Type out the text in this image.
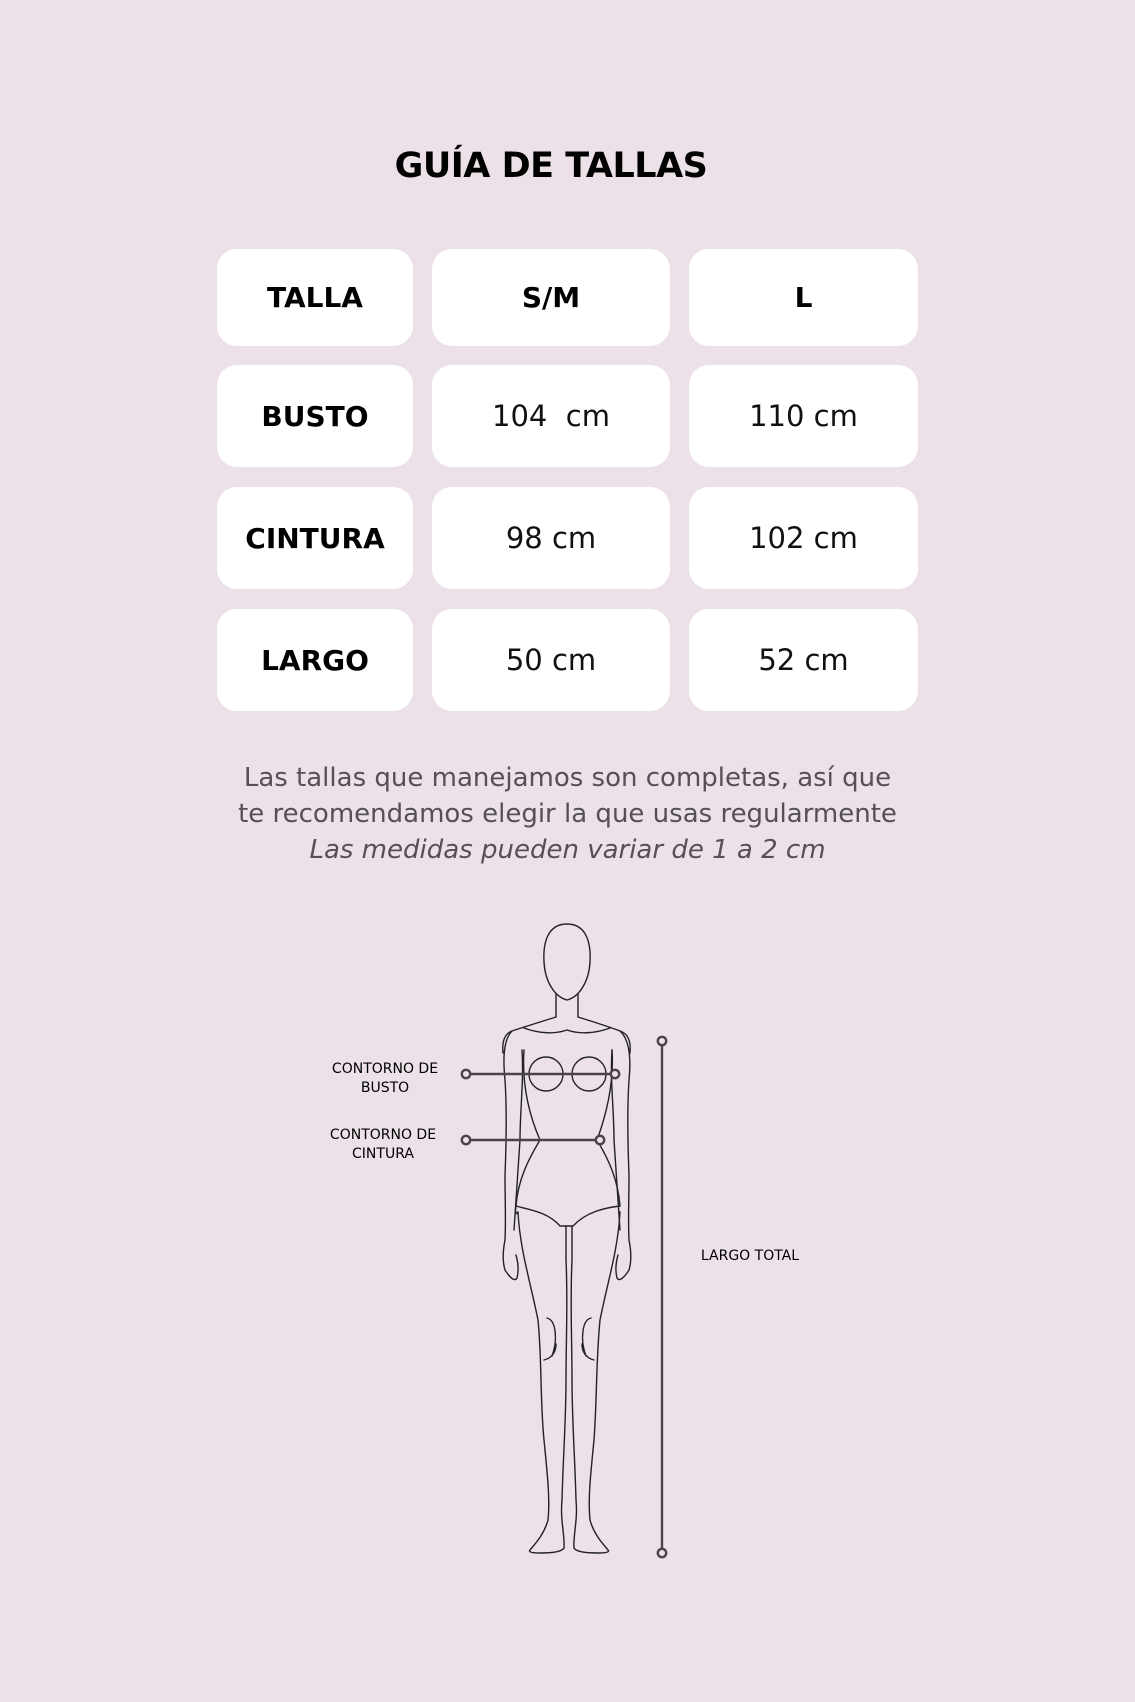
GUÍA DE TALLAS
TALLA	S/M	L
BUSTO	104  cm	110 cm
CINTURA	98 cm	102 cm
LARGO	50 cm	52 cm
Las tallas que manejamos son completas, así que
te recomendamos elegir la que usas regularmente
Las medidas pueden variar de 1 a 2 cm
CONTORNO DE
BUSTO
CONTORNO DE
CINTURA
LARGO TOTAL
